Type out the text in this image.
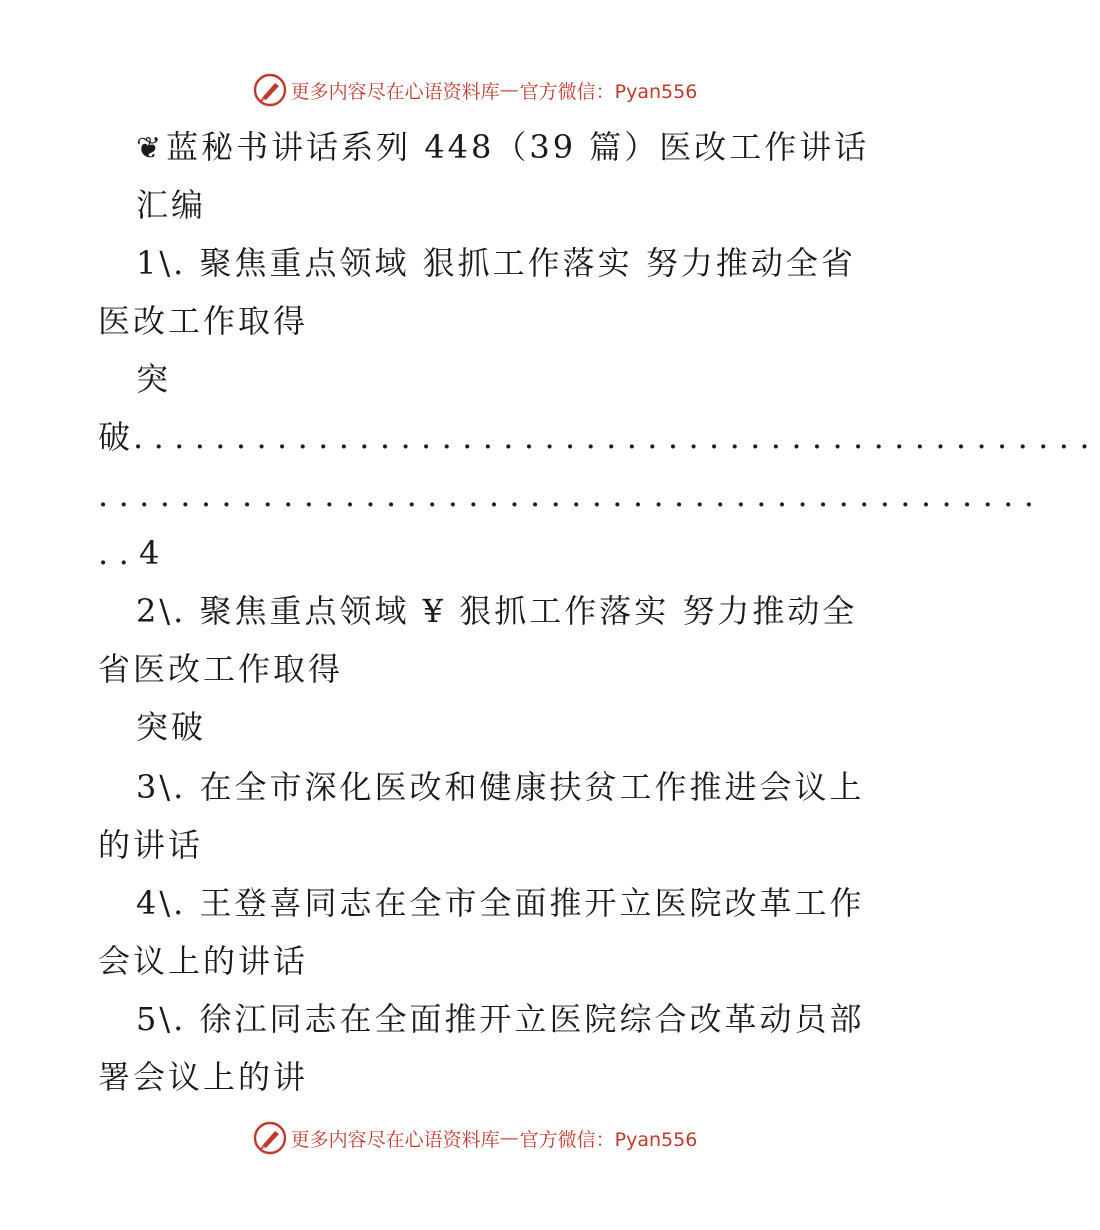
更多内容尽在心语资料库 — 官方微信：Pyan556
❦蓝秘书讲话系列 448（39 篇）医改工作讲话
汇编
1\. 聚焦重点领域 狠抓工作落实 努力推动全省
医改工作取得
突
破...............................................
..............................................
..4
2\. 聚焦重点领域 ¥ 狠抓工作落实 努力推动全
省医改工作取得
突破
3\. 在全市深化医改和健康扶贫工作推进会议上
的讲话
4\. 王登喜同志在全市全面推开立医院改革工作
会议上的讲话
5\. 徐江同志在全面推开立医院综合改革动员部
署会议上的讲
更多内容尽在心语资料库 — 官方微信：Pyan556
